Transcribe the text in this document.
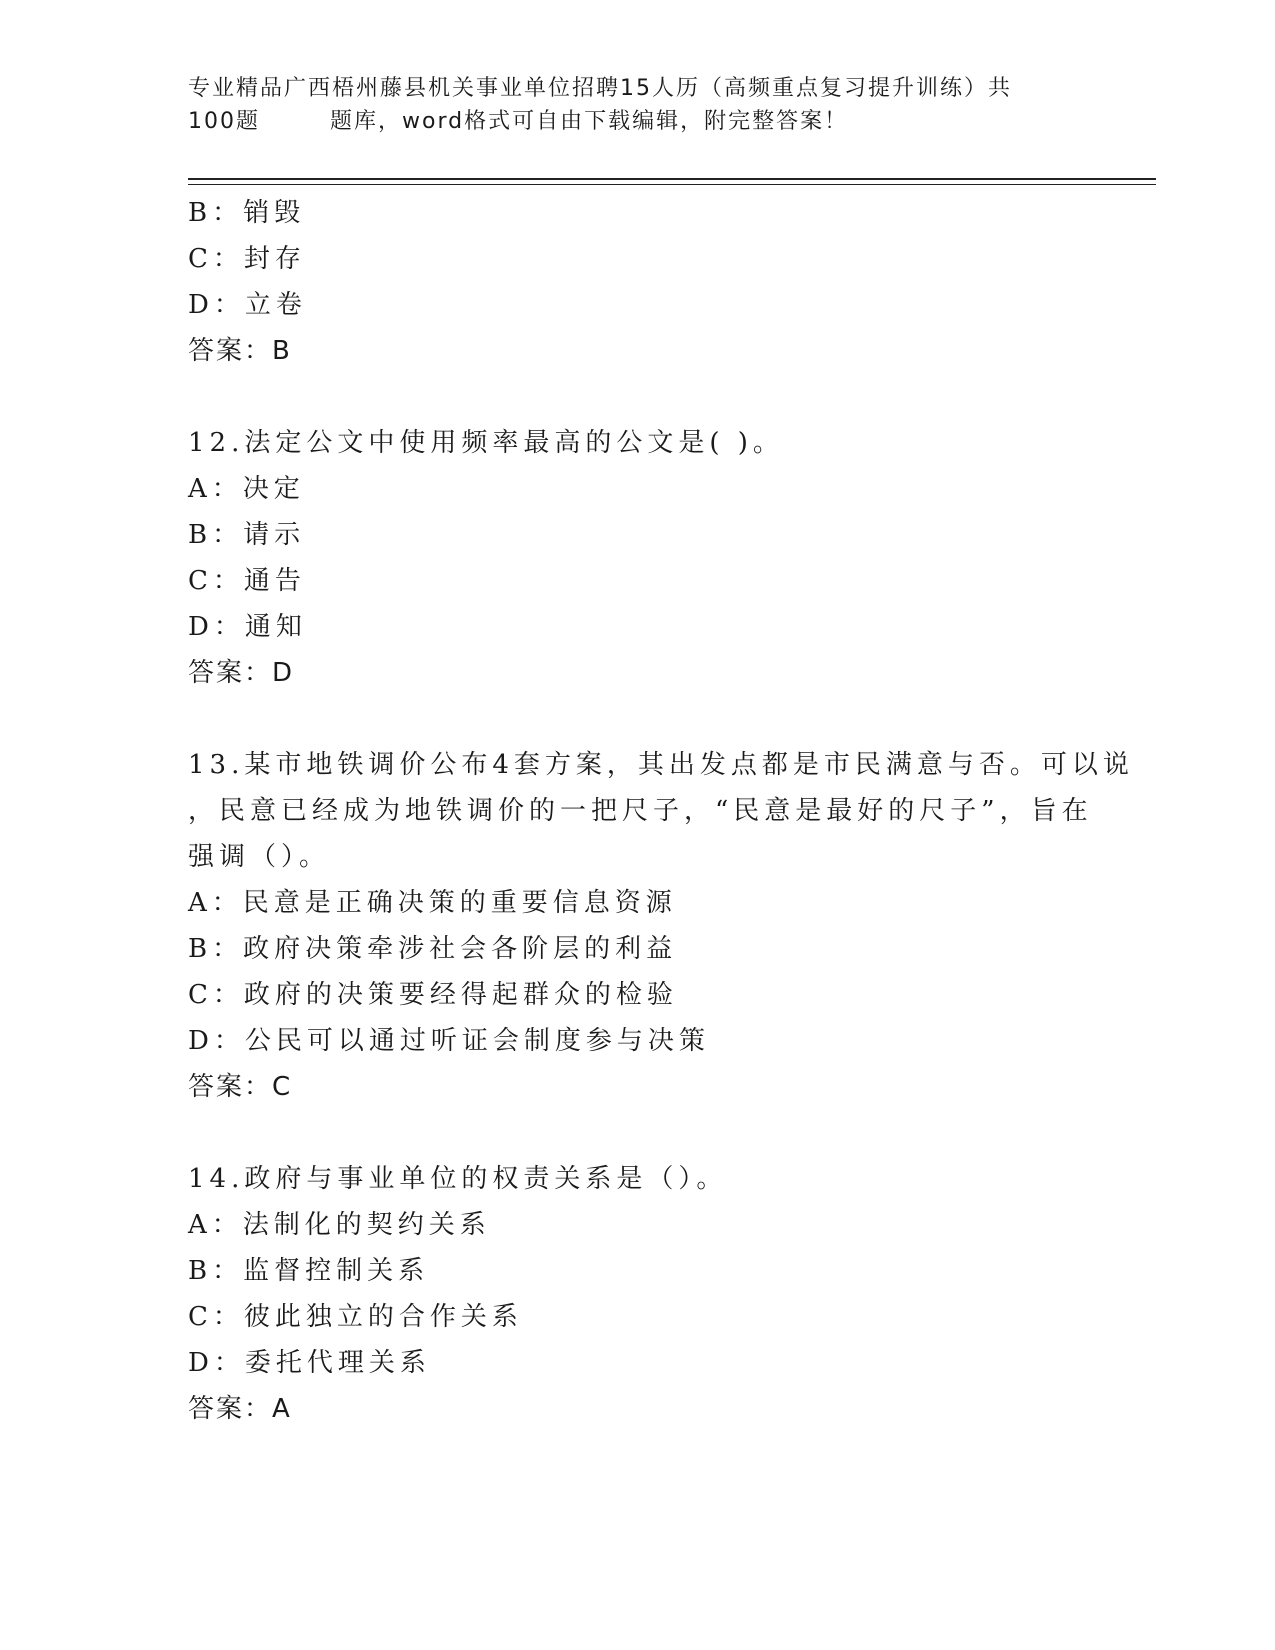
专业精品广西梧州藤县机关事业单位招聘15人历（高频重点复习提升训练）共
100题	题库，word格式可自由下载编辑，附完整答案！
B：销毁
C：封存
D：立卷
答案：B
12.法定公文中使用频率最高的公文是( )。
A：决定
B：请示
C：通告
D：通知
答案：D
13.某市地铁调价公布4套方案，其出发点都是市民满意与否。可以说
，民意已经成为地铁调价的一把尺子，“民意是最好的尺子”，旨在
强调（）。
A：民意是正确决策的重要信息资源
B：政府决策牵涉社会各阶层的利益
C：政府的决策要经得起群众的检验
D：公民可以通过听证会制度参与决策
答案：C
14.政府与事业单位的权责关系是（）。
A：法制化的契约关系
B：监督控制关系
C：彼此独立的合作关系
D：委托代理关系
答案：A
